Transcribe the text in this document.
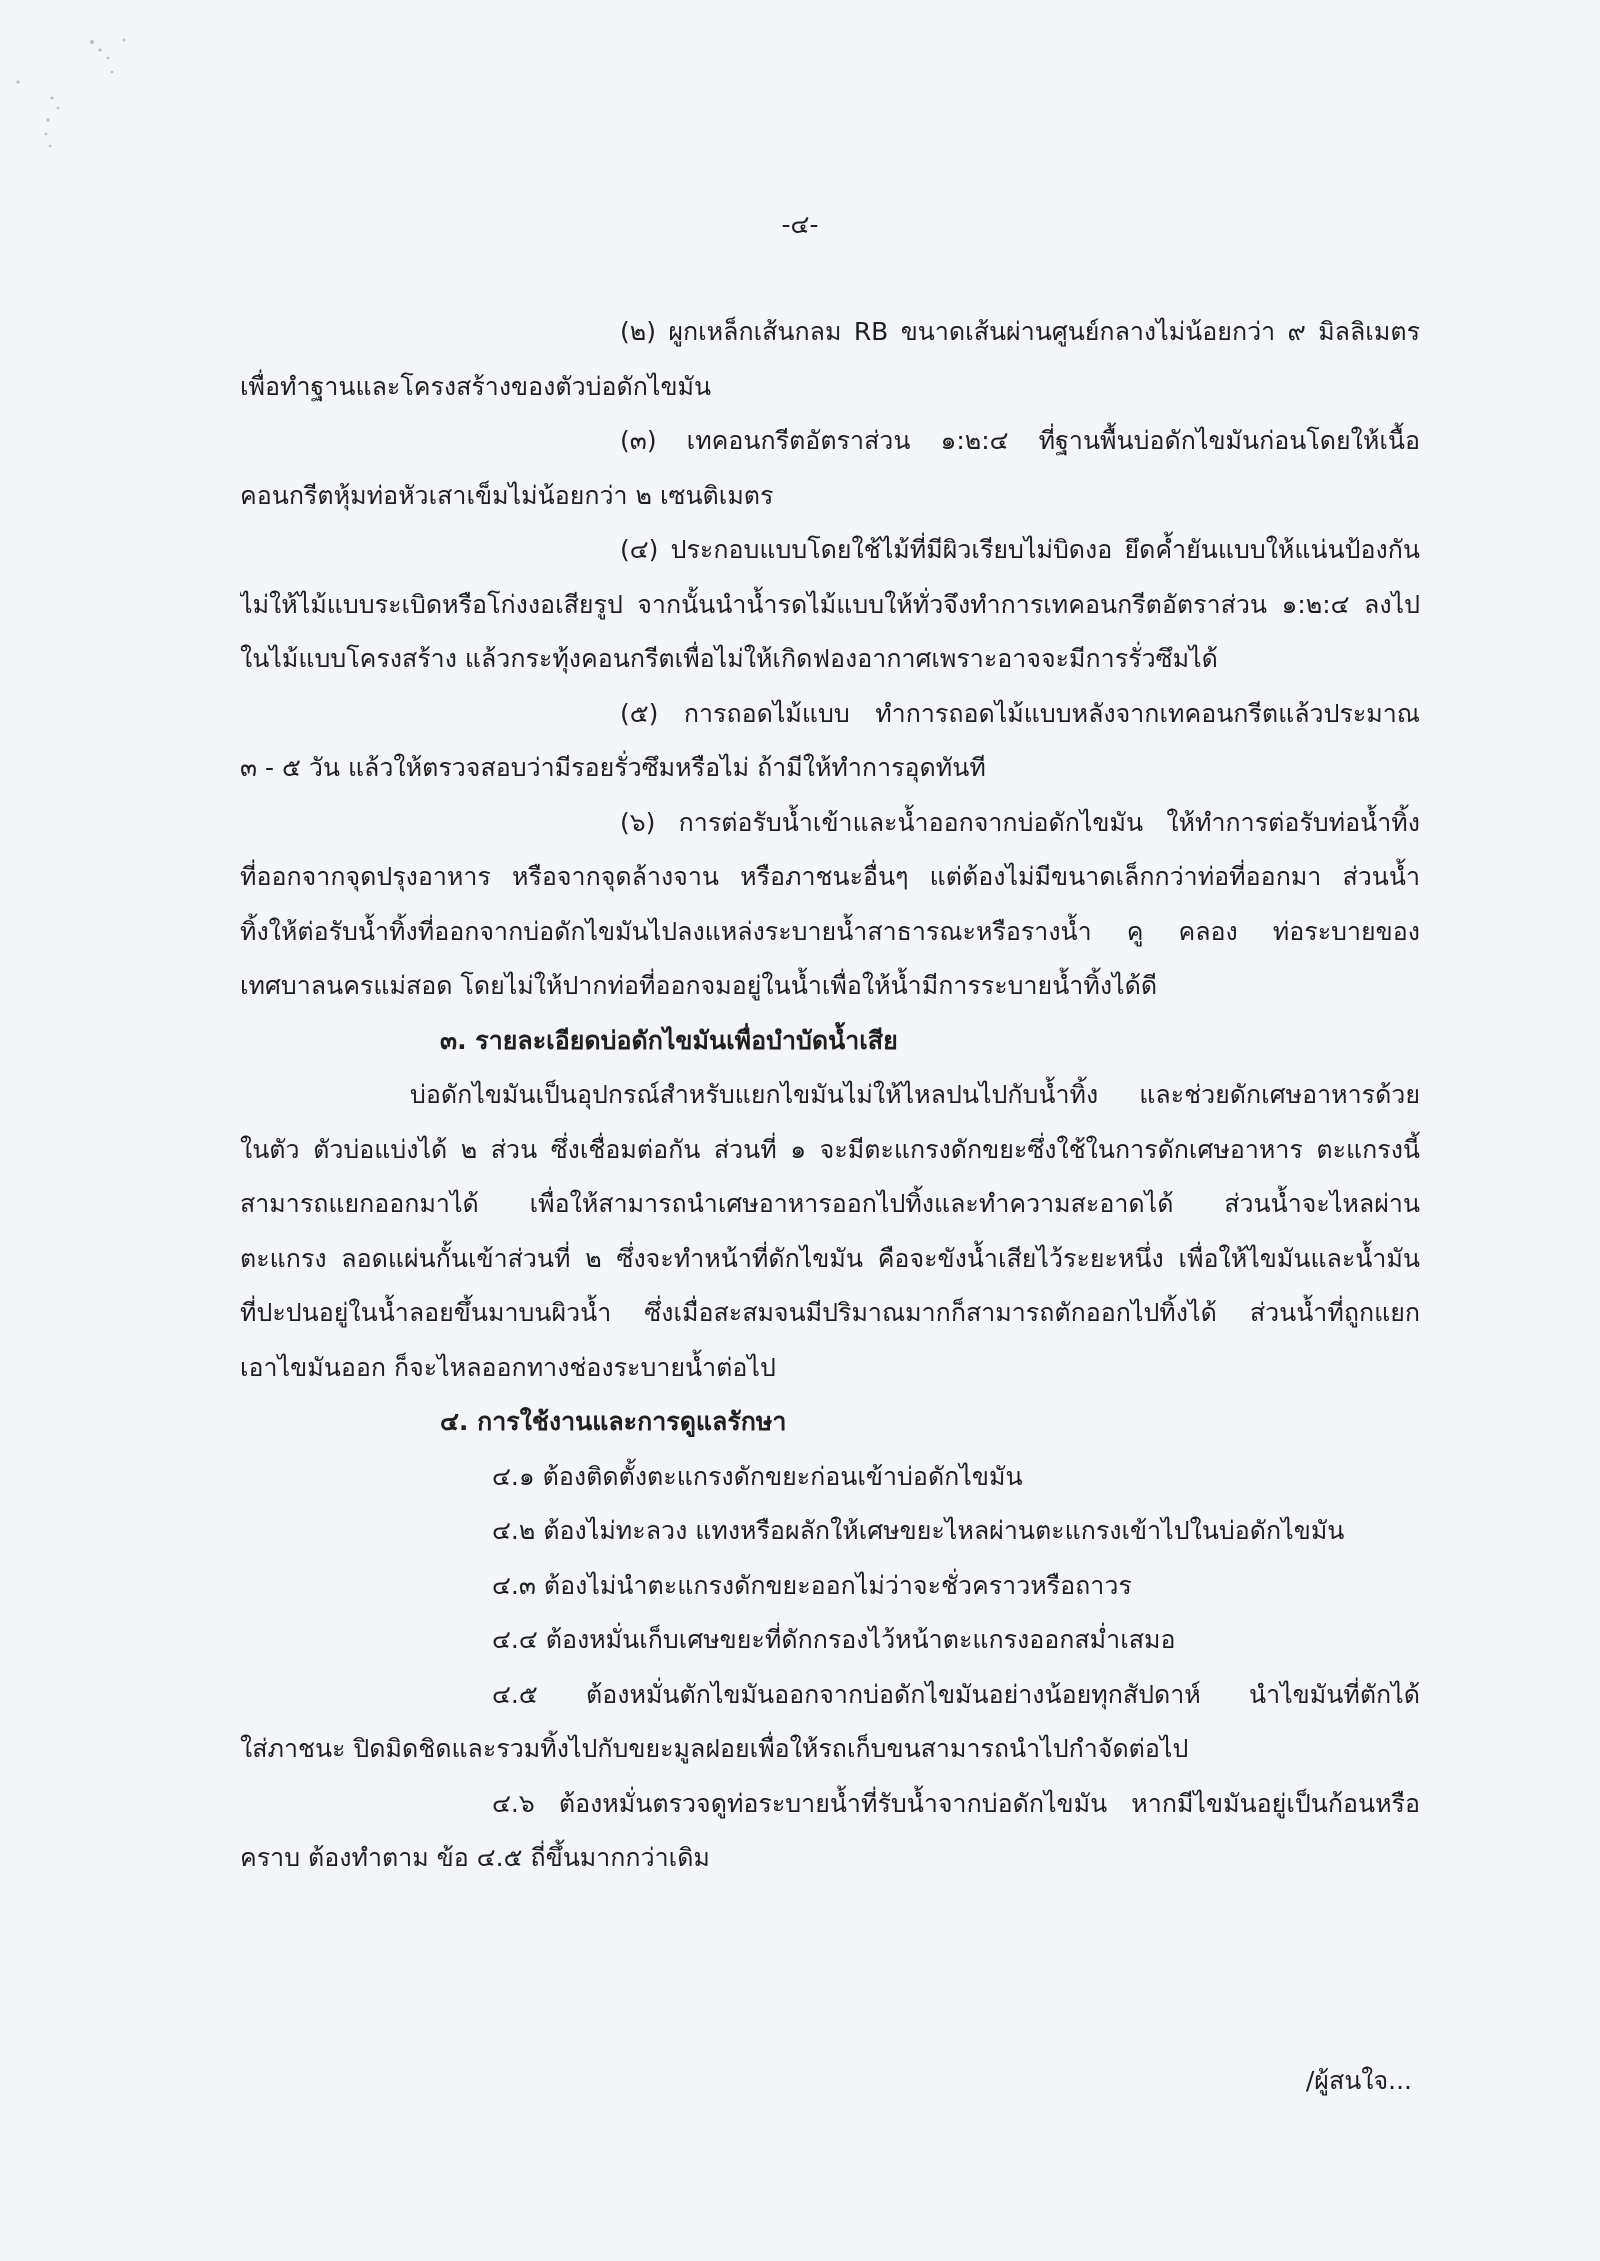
-๔-
(๒) ผูกเหล็กเส้นกลม RB ขนาดเส้นผ่านศูนย์กลางไม่น้อยกว่า ๙ มิลลิเมตร
เพื่อทำฐานและโครงสร้างของตัวบ่อดักไขมัน
(๓) เทคอนกรีตอัตราส่วน ๑:๒:๔ ที่ฐานพื้นบ่อดักไขมันก่อนโดยให้เนื้อ
คอนกรีตหุ้มท่อหัวเสาเข็มไม่น้อยกว่า ๒ เซนติเมตร
(๔) ประกอบแบบโดยใช้ไม้ที่มีผิวเรียบไม่บิดงอ ยึดค้ำยันแบบให้แน่นป้องกัน
ไม่ให้ไม้แบบระเบิดหรือโก่งงอเสียรูป จากนั้นนำน้ำรดไม้แบบให้ทั่วจึงทำการเทคอนกรีตอัตราส่วน ๑:๒:๔ ลงไป
ในไม้แบบโครงสร้าง แล้วกระทุ้งคอนกรีตเพื่อไม่ให้เกิดฟองอากาศเพราะอาจจะมีการรั่วซึมได้
(๕) การถอดไม้แบบ ทำการถอดไม้แบบหลังจากเทคอนกรีตแล้วประมาณ
๓ - ๕ วัน แล้วให้ตรวจสอบว่ามีรอยรั่วซึมหรือไม่ ถ้ามีให้ทำการอุดทันที
(๖) การต่อรับน้ำเข้าและน้ำออกจากบ่อดักไขมัน ให้ทำการต่อรับท่อน้ำทิ้ง
ที่ออกจากจุดปรุงอาหาร หรือจากจุดล้างจาน หรือภาชนะอื่นๆ แต่ต้องไม่มีขนาดเล็กกว่าท่อที่ออกมา ส่วนน้ำ
ทิ้งให้ต่อรับน้ำทิ้งที่ออกจากบ่อดักไขมันไปลงแหล่งระบายน้ำสาธารณะหรือรางน้ำ คู คลอง ท่อระบายของ
เทศบาลนครแม่สอด โดยไม่ให้ปากท่อที่ออกจมอยู่ในน้ำเพื่อให้น้ำมีการระบายน้ำทิ้งได้ดี
๓. รายละเอียดบ่อดักไขมันเพื่อบำบัดน้ำเสีย
บ่อดักไขมันเป็นอุปกรณ์สำหรับแยกไขมันไม่ให้ไหลปนไปกับน้ำทิ้ง และช่วยดักเศษอาหารด้วย
ในตัว ตัวบ่อแบ่งได้ ๒ ส่วน ซึ่งเชื่อมต่อกัน ส่วนที่ ๑ จะมีตะแกรงดักขยะซึ่งใช้ในการดักเศษอาหาร ตะแกรงนี้
สามารถแยกออกมาได้ เพื่อให้สามารถนำเศษอาหารออกไปทิ้งและทำความสะอาดได้ ส่วนน้ำจะไหลผ่าน
ตะแกรง ลอดแผ่นกั้นเข้าส่วนที่ ๒ ซึ่งจะทำหน้าที่ดักไขมัน คือจะขังน้ำเสียไว้ระยะหนึ่ง เพื่อให้ไขมันและน้ำมัน
ที่ปะปนอยู่ในน้ำลอยขึ้นมาบนผิวน้ำ ซึ่งเมื่อสะสมจนมีปริมาณมากก็สามารถตักออกไปทิ้งได้ ส่วนน้ำที่ถูกแยก
เอาไขมันออก ก็จะไหลออกทางช่องระบายน้ำต่อไป
๔. การใช้งานและการดูแลรักษา
๔.๑ ต้องติดตั้งตะแกรงดักขยะก่อนเข้าบ่อดักไขมัน
๔.๒ ต้องไม่ทะลวง แทงหรือผลักให้เศษขยะไหลผ่านตะแกรงเข้าไปในบ่อดักไขมัน
๔.๓ ต้องไม่นำตะแกรงดักขยะออกไม่ว่าจะชั่วคราวหรือถาวร
๔.๔ ต้องหมั่นเก็บเศษขยะที่ดักกรองไว้หน้าตะแกรงออกสม่ำเสมอ
๔.๕ ต้องหมั่นตักไขมันออกจากบ่อดักไขมันอย่างน้อยทุกสัปดาห์ นำไขมันที่ตักได้
ใส่ภาชนะ ปิดมิดชิดและรวมทิ้งไปกับขยะมูลฝอยเพื่อให้รถเก็บขนสามารถนำไปกำจัดต่อไป
๔.๖ ต้องหมั่นตรวจดูท่อระบายน้ำที่รับน้ำจากบ่อดักไขมัน หากมีไขมันอยู่เป็นก้อนหรือ
คราบ ต้องทำตาม ข้อ ๔.๕ ถี่ขึ้นมากกว่าเดิม
/ผู้สนใจ...
